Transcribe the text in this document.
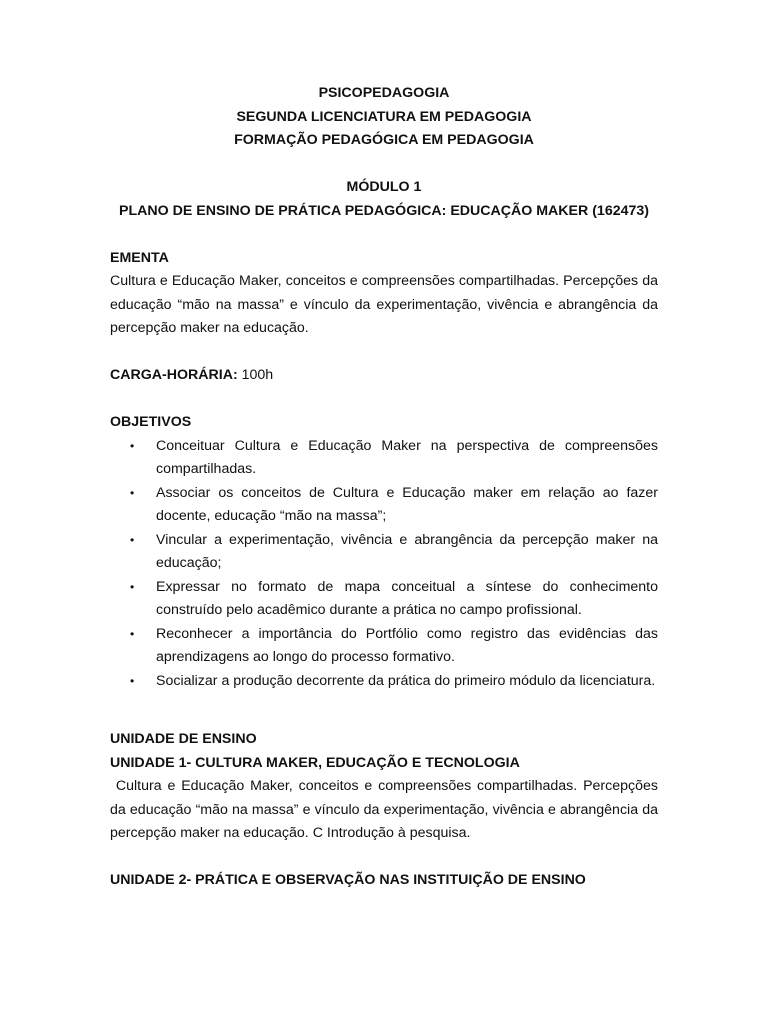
PSICOPEDAGOGIA
SEGUNDA LICENCIATURA EM PEDAGOGIA
FORMAÇÃO PEDAGÓGICA EM PEDAGOGIA
MÓDULO 1
PLANO DE ENSINO DE PRÁTICA PEDAGÓGICA: EDUCAÇÃO MAKER (162473)
EMENTA

Cultura e Educação Maker, conceitos e compreensões compartilhadas. Percepções da educação “mão na massa” e vínculo da experimentação, vivência e abrangência da percepção maker na educação.

CARGA-HORÁRIA: 100h
OBJETIVOS
• Conceituar Cultura e Educação Maker na perspectiva de compreensões compartilhadas.
• Associar os conceitos de Cultura e Educação maker em relação ao fazer docente, educação “mão na massa”;
• Vincular a experimentação, vivência e abrangência da percepção maker na educação;
• Expressar no formato de mapa conceitual a síntese do conhecimento construído pelo acadêmico durante a prática no campo profissional.
• Reconhecer a importância do Portfólio como registro das evidências das aprendizagens ao longo do processo formativo.
• Socializar a produção decorrente da prática do primeiro módulo da licenciatura.
UNIDADE DE ENSINO
UNIDADE 1- CULTURA MAKER, EDUCAÇÃO E TECNOLOGIA

Cultura e Educação Maker, conceitos e compreensões compartilhadas. Percepções da educação “mão na massa” e vínculo da experimentação, vivência e abrangência da percepção maker na educação. C Introdução à pesquisa.

UNIDADE 2- PRÁTICA E OBSERVAÇÃO NAS INSTITUIÇÃO DE ENSINO
